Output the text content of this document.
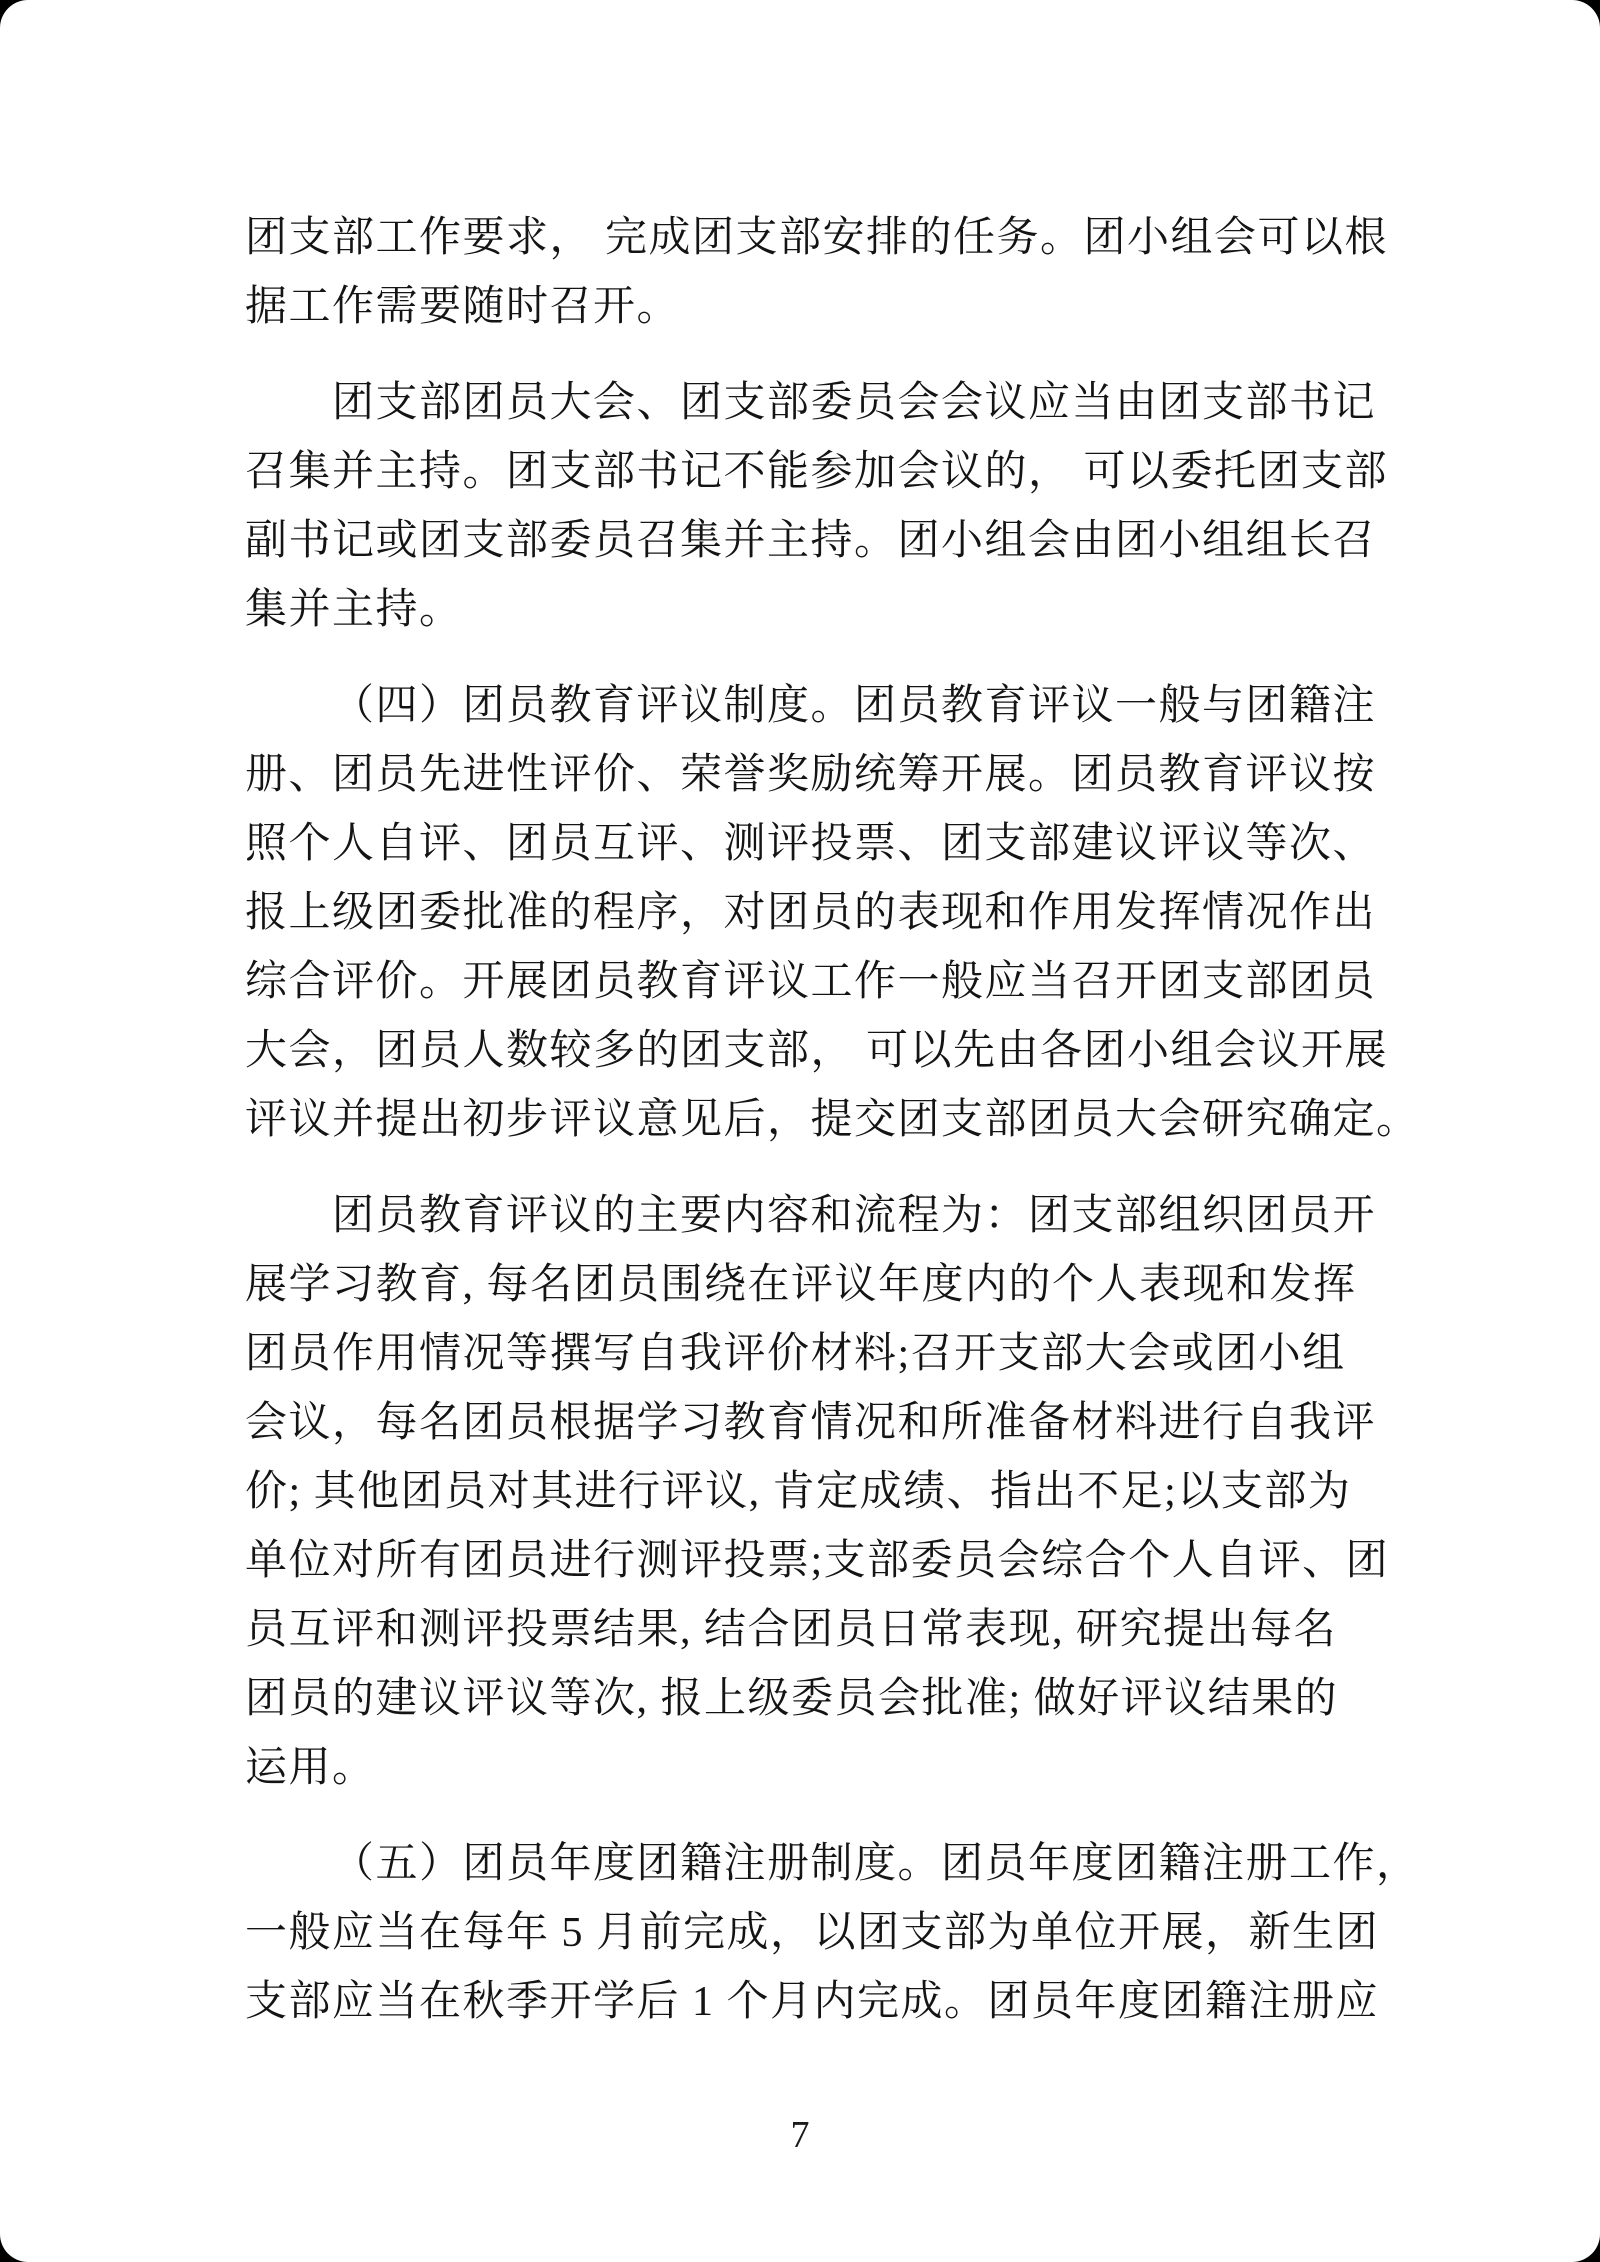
团支部工作要求， 完成团支部安排的任务。团小组会可以根
据工作需要随时召开。
团支部团员大会、团支部委员会会议应当由团支部书记
召集并主持。团支部书记不能参加会议的， 可以委托团支部
副书记或团支部委员召集并主持。团小组会由团小组组长召
集并主持。
（四）团员教育评议制度。团员教育评议一般与团籍注
册、团员先进性评价、荣誉奖励统筹开展。团员教育评议按
照个人自评、团员互评、测评投票、团支部建议评议等次、
报上级团委批准的程序，对团员的表现和作用发挥情况作出
综合评价。开展团员教育评议工作一般应当召开团支部团员
大会，团员人数较多的团支部， 可以先由各团小组会议开展
评议并提出初步评议意见后，提交团支部团员大会研究确定。
团员教育评议的主要内容和流程为：团支部组织团员开
展学习教育, 每名团员围绕在评议年度内的个人表现和发挥
团员作用情况等撰写自我评价材料;召开支部大会或团小组
会议，每名团员根据学习教育情况和所准备材料进行自我评
价; 其他团员对其进行评议, 肯定成绩、指出不足;以支部为
单位对所有团员进行测评投票;支部委员会综合个人自评、团
员互评和测评投票结果, 结合团员日常表现, 研究提出每名
团员的建议评议等次, 报上级委员会批准; 做好评议结果的
运用。
（五）团员年度团籍注册制度。团员年度团籍注册工作，
一般应当在每年 5 月前完成，以团支部为单位开展，新生团
支部应当在秋季开学后 1 个月内完成。团员年度团籍注册应
7
